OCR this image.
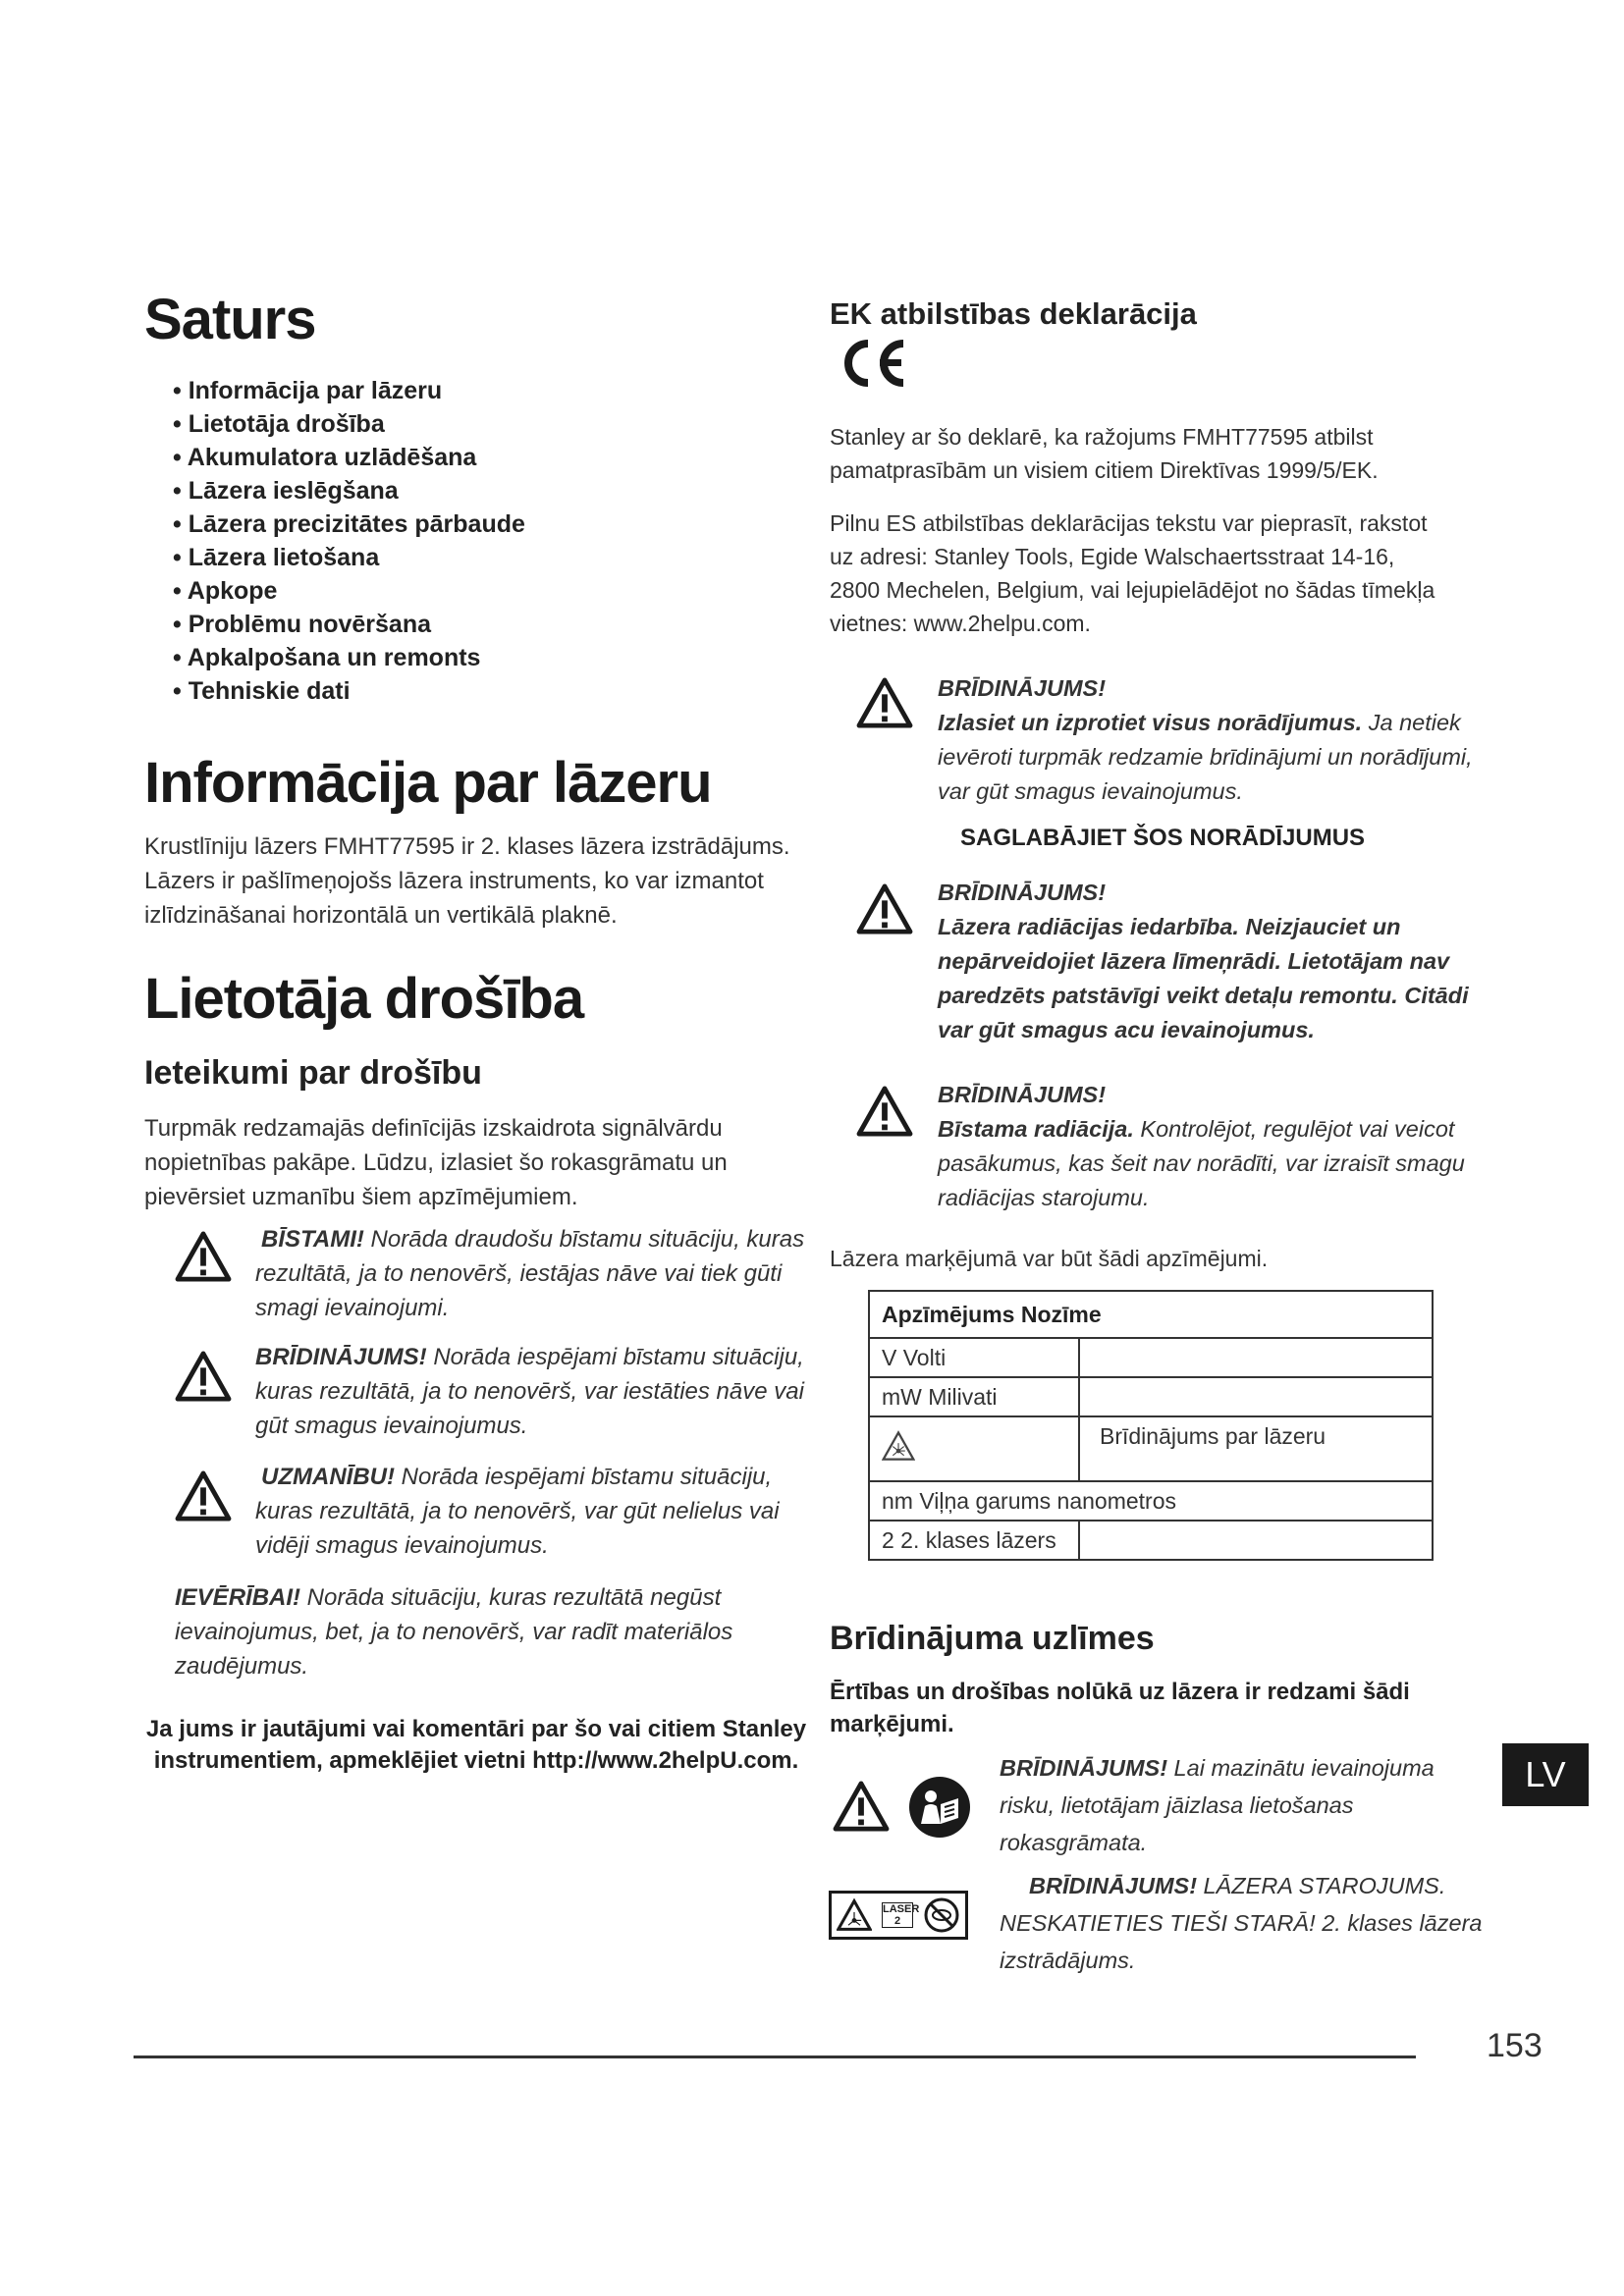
Saturs
• Informācija par lāzeru
• Lietotāja drošība
• Akumulatora uzlādēšana
• Lāzera ieslēgšana
• Lāzera precizitātes pārbaude
• Lāzera lietošana
• Apkope
• Problēmu novēršana
• Apkalpošana un remonts
• Tehniskie dati
Informācija par lāzeru
Krustlīniju lāzers FMHT77595 ir 2. klases lāzera izstrādājums.
Lāzers ir pašlīmeņojošs lāzera instruments, ko var izmantot
izlīdzināšanai horizontālā un vertikālā plaknē.
Lietotāja drošība
Ieteikumi par drošību
Turpmāk redzamajās definīcijās izskaidrota signālvārdu
nopietnības pakāpe. Lūdzu, izlasiet šo rokasgrāmatu un
pievērsiet uzmanību šiem apzīmējumiem.
BĪSTAMI! Norāda draudošu bīstamu situāciju, kuras
rezultātā, ja to nenovērš, iestājas nāve vai tiek gūti
smagi ievainojumi.
BRĪDINĀJUMS! Norāda iespējami bīstamu situāciju,
kuras rezultātā, ja to nenovērš, var iestāties nāve vai
gūt smagus ievainojumus.
UZMANĪBU! Norāda iespējami bīstamu situāciju,
kuras rezultātā, ja to nenovērš, var gūt nelielus vai
vidēji smagus ievainojumus.
IEVĒRĪBAI! Norāda situāciju, kuras rezultātā negūst
ievainojumus, bet, ja to nenovērš, var radīt materiālos
zaudējumus.
Ja jums ir jautājumi vai komentāri par šo vai citiem Stanley
instrumentiem, apmeklējiet vietni http://www.2helpU.com.
EK atbilstības deklarācija
Stanley ar šo deklarē, ka ražojums FMHT77595 atbilst
pamatprasībām un visiem citiem Direktīvas 1999/5/EK.
Pilnu ES atbilstības deklarācijas tekstu var pieprasīt, rakstot
uz adresi: Stanley Tools, Egide Walschaertsstraat 14-16,
2800 Mechelen, Belgium, vai lejupielādējot no šādas tīmekļa
vietnes: www.2helpu.com.
BRĪDINĀJUMS!
Izlasiet un izprotiet visus norādījumus. Ja netiek
ievēroti turpmāk redzamie brīdinājumi un norādījumi,
var gūt smagus ievainojumus.
SAGLABĀJIET ŠOS NORĀDĪJUMUS
BRĪDINĀJUMS!
Lāzera radiācijas iedarbība. Neizjauciet un
nepārveidojiet lāzera līmeņrādi. Lietotājam nav
paredzēts patstāvīgi veikt detaļu remontu. Citādi
var gūt smagus acu ievainojumus.
BRĪDINĀJUMS!
Bīstama radiācija. Kontrolējot, regulējot vai veicot
pasākumus, kas šeit nav norādīti, var izraisīt smagu
radiācijas starojumu.
Lāzera marķējumā var būt šādi apzīmējumi.
Apzīmējums Nozīme	
V Volti	
mW Milivati	
	Brīdinājums par lāzeru
nm Viļņa garums nanometros	
2 2. klases lāzers	
Brīdinājuma uzlīmes
Ērtības un drošības nolūkā uz lāzera ir redzami šādi
marķējumi.
BRĪDINĀJUMS! Lai mazinātu ievainojuma
risku, lietotājam jāizlasa lietošanas
rokasgrāmata.
LASER 2
BRĪDINĀJUMS! LĀZERA STAROJUMS.
NESKATIETIES TIEŠI STARĀ! 2. klases lāzera
izstrādājums.
LV
153
